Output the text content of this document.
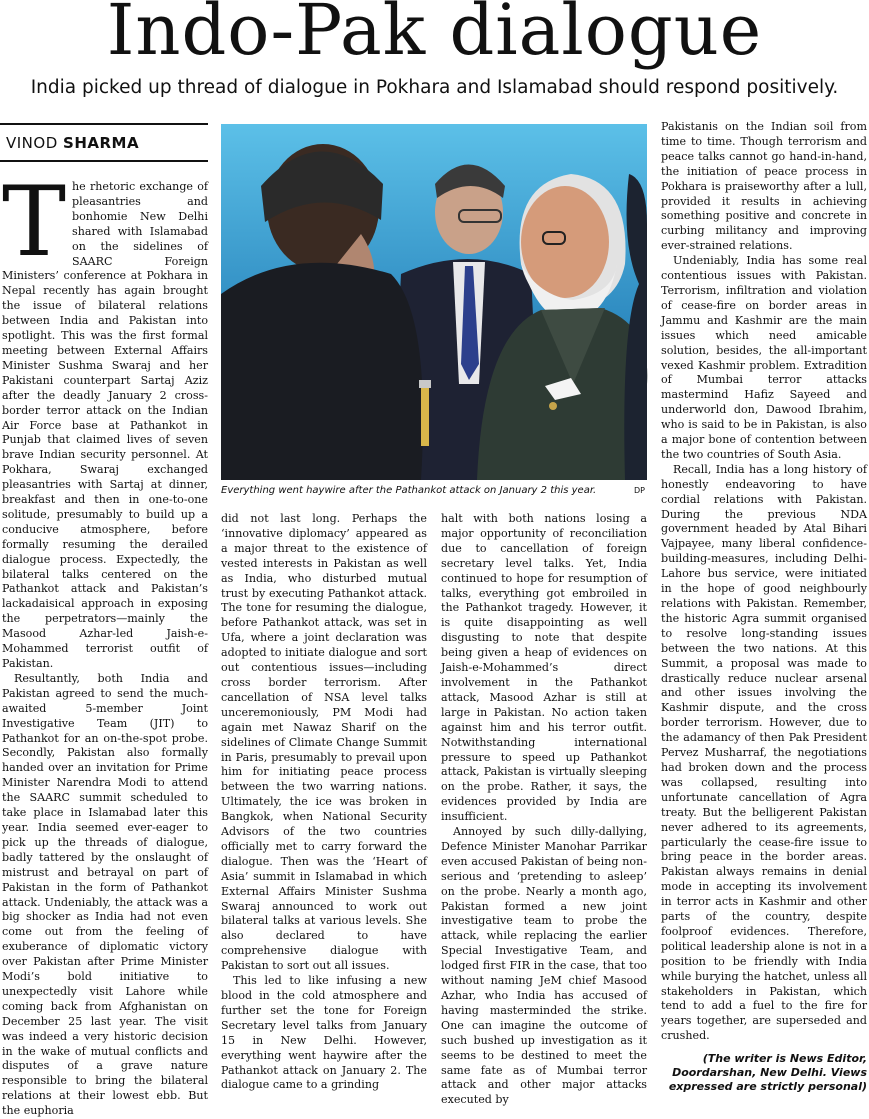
Indo-Pak dialogue
India picked up thread of dialogue in Pokhara and Islamabad should respond positively.
VINOD SHARMA
Everything went haywire after the Pathankot attack on January 2 this year.	DP
T he rhetoric exchange of pleasantries and bonhomie New Delhi shared with Islamabad on the sidelines of SAARC Foreign Ministers’ conference at Pokhara in Nepal recently has again brought the issue of bilateral relations between India and Pakistan into spotlight. This was the first formal meeting between External Affairs Minister Sushma Swaraj and her Pakistani counterpart Sartaj Aziz after the deadly January 2 cross-border terror attack on the Indian Air Force base at Pathankot in Punjab that claimed lives of seven brave Indian security personnel. At Pokhara, Swaraj exchanged pleasantries with Sartaj at dinner, breakfast and then in one-to-one solitude, presumably to build up a conducive atmosphere, before formally resuming the derailed dialogue process. Expectedly, the bilateral talks centered on the Pathankot attack and Pakistan’s lackadaisical approach in exposing the perpetrators—mainly the Masood Azhar-led Jaish-e-Mohammed terrorist outfit of Pakistan.

Resultantly, both India and Pakistan agreed to send the much-awaited 5-member Joint Investigative Team (JIT) to Pathankot for an on-the-spot probe. Secondly, Pakistan also formally handed over an invitation for Prime Minister Narendra Modi to attend the SAARC summit scheduled to take place in Islamabad later this year. India seemed ever-eager to pick up the threads of dialogue, badly tattered by the onslaught of mistrust and betrayal on part of Pakistan in the form of Pathankot attack. Undeniably, the attack was a big shocker as India had not even come out from the feeling of exuberance of diplomatic victory over Pakistan after Prime Minister Modi’s bold initiative to unexpectedly visit Lahore while coming back from Afghanistan on December 25 last year. The visit was indeed a very historic decision in the wake of mutual conflicts and disputes of a grave nature responsible to bring the bilateral relations at their lowest ebb. But the euphoria

did not last long. Perhaps the ‘innovative diplomacy’ appeared as a major threat to the existence of vested interests in Pakistan as well as India, who disturbed mutual trust by executing Pathankot attack. The tone for resuming the dialogue, before Pathankot attack, was set in Ufa, where a joint declaration was adopted to initiate dialogue and sort out contentious issues—including cross border terrorism. After cancellation of NSA level talks unceremoniously, PM Modi had again met Nawaz Sharif on the sidelines of Climate Change Summit in Paris, presumably to prevail upon him for initiating peace process between the two warring nations. Ultimately, the ice was broken in Bangkok, when National Security Advisors of the two countries officially met to carry forward the dialogue. Then was the ‘Heart of Asia’ summit in Islamabad in which External Affairs Minister Sushma Swaraj announced to work out bilateral talks at various levels. She also declared to have comprehensive dialogue with Pakistan to sort out all issues.

This led to like infusing a new blood in the cold atmosphere and further set the tone for Foreign Secretary level talks from January 15 in New Delhi. However, everything went haywire after the Pathankot attack on January 2. The dialogue came to a grinding

halt with both nations losing a major opportunity of reconciliation due to cancellation of foreign secretary level talks. Yet, India continued to hope for resumption of talks, everything got embroiled in the Pathankot tragedy. However, it is quite disappointing as well disgusting to note that despite being given a heap of evidences on Jaish-e-Mohammed’s direct involvement in the Pathankot attack, Masood Azhar is still at large in Pakistan. No action taken against him and his terror outfit. Notwithstanding international pressure to speed up Pathankot attack, Pakistan is virtually sleeping on the probe. Rather, it says, the evidences provided by India are insufficient.

Annoyed by such dilly-dallying, Defence Minister Manohar Parrikar even accused Pakistan of being non-serious and ‘pretending to asleep’ on the probe. Nearly a month ago, Pakistan formed a new joint investigative team to probe the attack, while replacing the earlier Special Investigative Team, and lodged first FIR in the case, that too without naming JeM chief Masood Azhar, who India has accused of having masterminded the strike. One can imagine the outcome of such bushed up investigation as it seems to be destined to meet the same fate as of Mumbai terror attack and other major attacks executed by

Pakistanis on the Indian soil from time to time. Though terrorism and peace talks cannot go hand-in-hand, the initiation of peace process in Pokhara is praiseworthy after a lull, provided it results in achieving something positive and concrete in curbing militancy and improving ever-strained relations.

Undeniably, India has some real contentious issues with Pakistan. Terrorism, infiltration and violation of cease-fire on border areas in Jammu and Kashmir are the main issues which need amicable solution, besides, the all-important vexed Kashmir problem. Extradition of Mumbai terror attacks mastermind Hafiz Sayeed and underworld don, Dawood Ibrahim, who is said to be in Pakistan, is also a major bone of contention between the two countries of South Asia.

Recall, India has a long history of honestly endeavoring to have cordial relations with Pakistan. During the previous NDA government headed by Atal Bihari Vajpayee, many liberal confidence-building-measures, including Delhi-Lahore bus service, were initiated in the hope of good neighbourly relations with Pakistan. Remember, the historic Agra summit organised to resolve long-standing issues between the two nations. At this Summit, a proposal was made to drastically reduce nuclear arsenal and other issues involving the Kashmir dispute, and the cross border terrorism. However, due to the adamancy of then Pak President Pervez Musharraf, the negotiations had broken down and the process was collapsed, resulting into unfortunate cancellation of Agra treaty. But the belligerent Pakistan never adhered to its agreements, particularly the cease-fire issue to bring peace in the border areas. Pakistan always remains in denial mode in accepting its involvement in terror acts in Kashmir and other parts of the country, despite foolproof evidences. Therefore, political leadership alone is not in a position to be friendly with India while burying the hatchet, unless all stakeholders in Pakistan, which tend to add a fuel to the fire for years together, are superseded and crushed.

(The writer is News Editor, Doordarshan, New Delhi. Views expressed are strictly personal)
